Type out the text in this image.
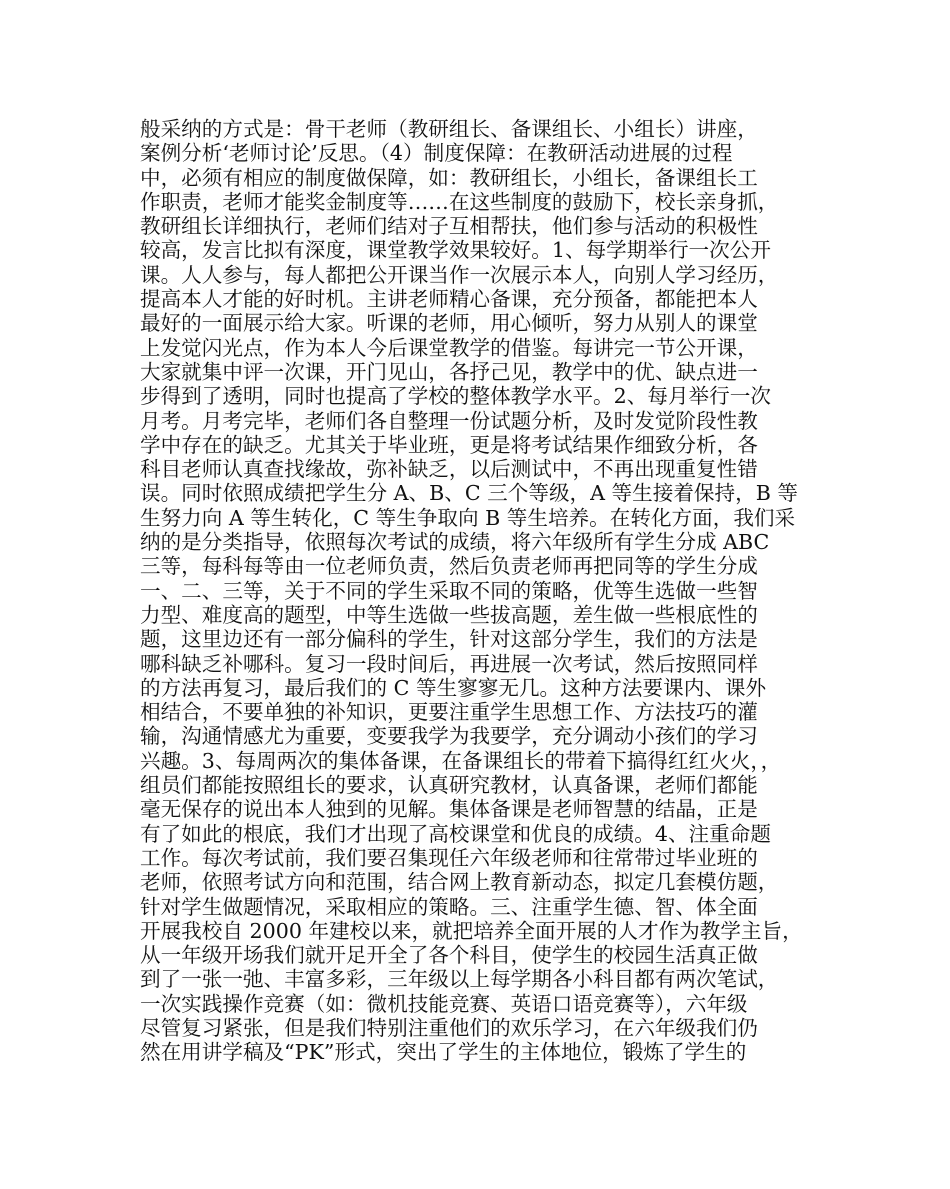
般采纳的方式是：骨干老师（教研组长、备课组长、小组长）讲座，
案例分析‘老师讨论’反思。（4）制度保障：在教研活动进展的过程
中，必须有相应的制度做保障，如：教研组长，小组长，备课组长工
作职责，老师才能奖金制度等……在这些制度的鼓励下，校长亲身抓，
教研组长详细执行，老师们结对子互相帮扶，他们参与活动的积极性
较高，发言比拟有深度，课堂教学效果较好。1、每学期举行一次公开
课。人人参与，每人都把公开课当作一次展示本人，向别人学习经历，
提高本人才能的好时机。主讲老师精心备课，充分预备，都能把本人
最好的一面展示给大家。听课的老师，用心倾听，努力从别人的课堂
上发觉闪光点，作为本人今后课堂教学的借鉴。每讲完一节公开课，
大家就集中评一次课，开门见山，各抒己见，教学中的优、缺点进一
步得到了透明，同时也提高了学校的整体教学水平。2、每月举行一次
月考。月考完毕，老师们各自整理一份试题分析，及时发觉阶段性教
学中存在的缺乏。尤其关于毕业班，更是将考试结果作细致分析，各
科目老师认真查找缘故，弥补缺乏，以后测试中，不再出现重复性错
误。同时依照成绩把学生分 A、B、C 三个等级，A 等生接着保持，B 等
生努力向 A 等生转化，C 等生争取向 B 等生培养。在转化方面，我们采
纳的是分类指导，依照每次考试的成绩，将六年级所有学生分成 ABC
三等，每科每等由一位老师负责，然后负责老师再把同等的学生分成
一、二、三等，关于不同的学生采取不同的策略，优等生选做一些智
力型、难度高的题型，中等生选做一些拔高题，差生做一些根底性的
题，这里边还有一部分偏科的学生，针对这部分学生，我们的方法是
哪科缺乏补哪科。复习一段时间后，再进展一次考试，然后按照同样
的方法再复习，最后我们的 C 等生寥寥无几。这种方法要课内、课外
相结合，不要单独的补知识，更要注重学生思想工作、方法技巧的灌
输，沟通情感尤为重要，变要我学为我要学，充分调动小孩们的学习
兴趣。3、每周两次的集体备课，在备课组长的带着下搞得红红火火，，
组员们都能按照组长的要求，认真研究教材，认真备课，老师们都能
毫无保存的说出本人独到的见解。集体备课是老师智慧的结晶，正是
有了如此的根底，我们才出现了高校课堂和优良的成绩。4、注重命题
工作。每次考试前，我们要召集现任六年级老师和往常带过毕业班的
老师，依照考试方向和范围，结合网上教育新动态，拟定几套模仿题，
针对学生做题情况，采取相应的策略。三、注重学生德、智、体全面
开展我校自 2000 年建校以来，就把培养全面开展的人才作为教学主旨，
从一年级开场我们就开足开全了各个科目，使学生的校园生活真正做
到了一张一弛、丰富多彩，三年级以上每学期各小科目都有两次笔试，
一次实践操作竞赛（如：微机技能竞赛、英语口语竞赛等），六年级
尽管复习紧张，但是我们特别注重他们的欢乐学习，在六年级我们仍
然在用讲学稿及“PK”形式，突出了学生的主体地位，锻炼了学生的
